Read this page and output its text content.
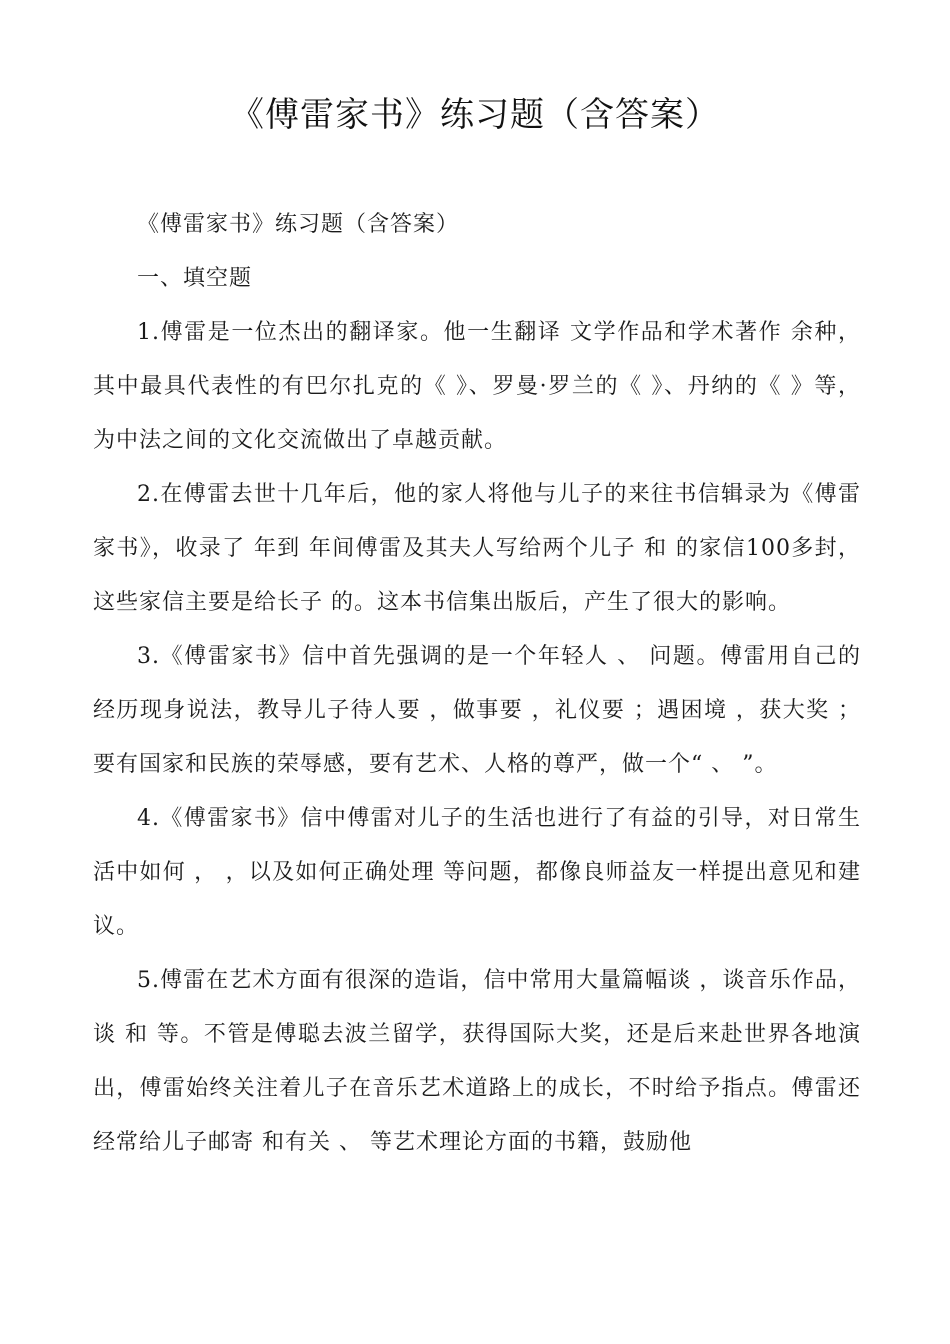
《傅雷家书》练习题（含答案）

《傅雷家书》练习题（含答案）

一、填空题

1.傅雷是一位杰出的翻译家。他一生翻译 文学作品和学术著作 余种，其中最具代表性的有巴尔扎克的《 》、罗曼·罗兰的《 》、丹纳的《 》等，为中法之间的文化交流做出了卓越贡献。

2.在傅雷去世十几年后，他的家人将他与儿子的来往书信辑录为《傅雷家书》，收录了 年到 年间傅雷及其夫人写给两个儿子 和 的家信100多封，这些家信主要是给长子 的。这本书信集出版后，产生了很大的影响。

3.《傅雷家书》信中首先强调的是一个年轻人 、 问题。傅雷用自己的经历现身说法，教导儿子待人要 ，做事要 ，礼仪要 ；遇困境 ，获大奖 ；要有国家和民族的荣辱感，要有艺术、人格的尊严，做一个“ 、 ”。

4.《傅雷家书》信中傅雷对儿子的生活也进行了有益的引导，对日常生活中如何 ， ，以及如何正确处理 等问题，都像良师益友一样提出意见和建议。

5.傅雷在艺术方面有很深的造诣，信中常用大量篇幅谈 ，谈音乐作品，谈 和 等。不管是傅聪去波兰留学，获得国际大奖，还是后来赴世界各地演出，傅雷始终关注着儿子在音乐艺术道路上的成长，不时给予指点。傅雷还经常给儿子邮寄 和有关 、 等艺术理论方面的书籍，鼓励他
